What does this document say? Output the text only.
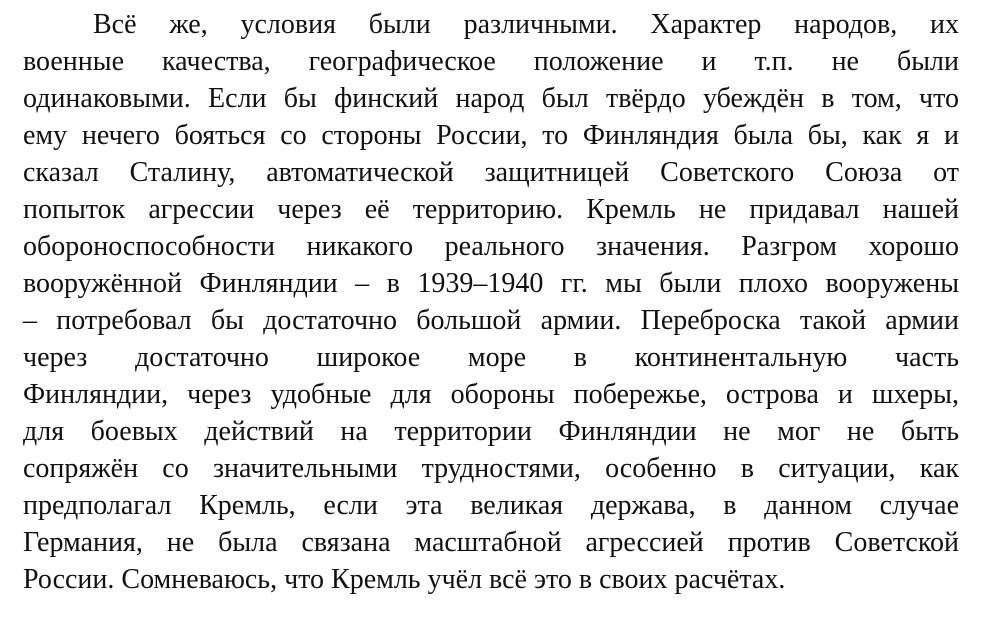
Всё же, условия были различными. Характер народов, их
военные качества, географическое положение и т.п. не были
одинаковыми. Если бы финский народ был твёрдо убеждён в том, что
ему нечего бояться со стороны России, то Финляндия была бы, как я и
сказал Сталину, автоматической защитницей Советского Союза от
попыток агрессии через её территорию. Кремль не придавал нашей
обороноспособности никакого реального значения. Разгром хорошо
вооружённой Финляндии – в 1939–1940 гг. мы были плохо вооружены
– потребовал бы достаточно большой армии. Переброска такой армии
через достаточно широкое море в континентальную часть
Финляндии, через удобные для обороны побережье, острова и шхеры,
для боевых действий на территории Финляндии не мог не быть
сопряжён со значительными трудностями, особенно в ситуации, как
предполагал Кремль, если эта великая держава, в данном случае
Германия, не была связана масштабной агрессией против Советской
России. Сомневаюсь, что Кремль учёл всё это в своих расчётах.
